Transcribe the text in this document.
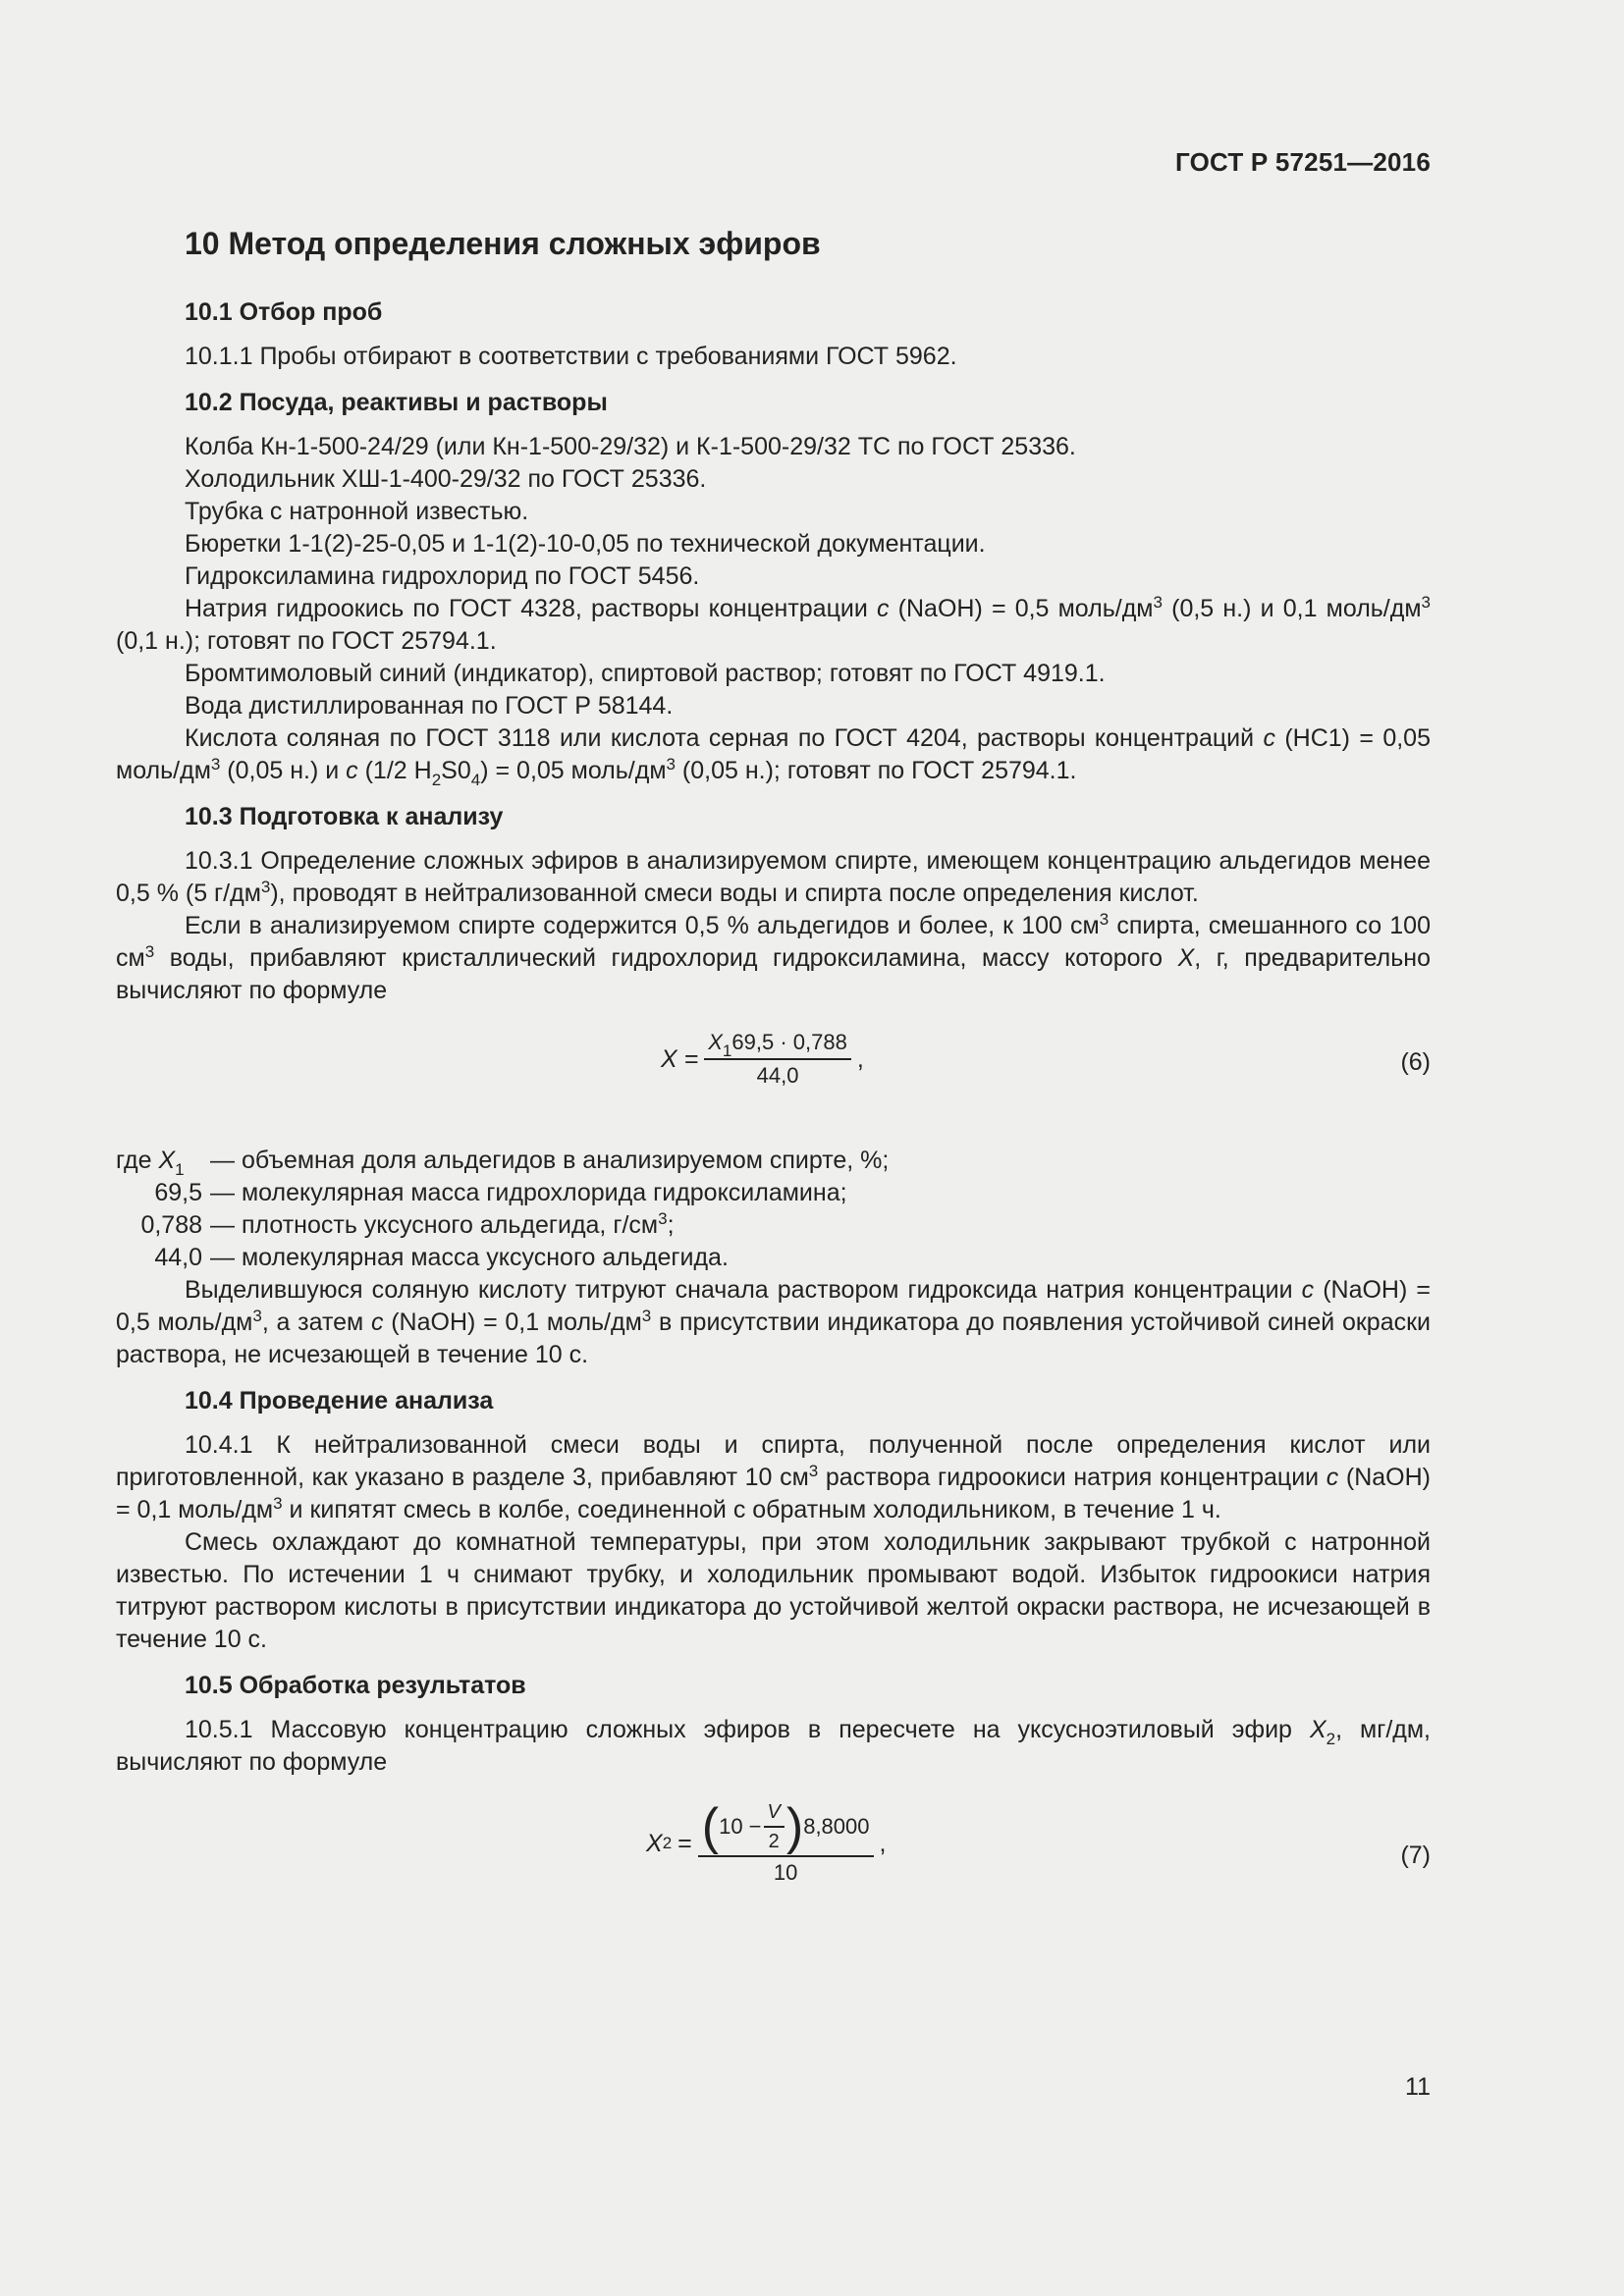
ГОСТ Р 57251—2016
10 Метод определения сложных эфиров
10.1 Отбор проб

10.1.1 Пробы отбирают в соответствии с требованиями ГОСТ 5962.

10.2 Посуда, реактивы и растворы

Колба Кн-1-500-24/29 (или Кн-1-500-29/32) и К-1-500-29/32 ТС по ГОСТ 25336.

Холодильник ХШ-1-400-29/32 по ГОСТ 25336.

Трубка с натронной известью.

Бюретки 1-1(2)-25-0,05 и 1-1(2)-10-0,05 по технической документации.

Гидроксиламина гидрохлорид по ГОСТ 5456.

Натрия гидроокись по ГОСТ 4328, растворы концентрации c (NaOH) = 0,5 моль/$дм^3$ (0,5 н.) и 0,1 моль/$дм^3$ (0,1 н.); готовят по ГОСТ 25794.1.

Бромтимоловый синий (индикатор), спиртовой раствор; готовят по ГОСТ 4919.1.

Вода дистиллированная по ГОСТ Р 58144.

Кислота соляная по ГОСТ 3118 или кислота серная по ГОСТ 4204, растворы концентраций c (НС1) = 0,05 моль/$дм^3$ (0,05 н.) и c (1/2 $H_2S0_4) = 0,05$ моль/$дм^3$ (0,05 н.); готовят по ГОСТ 25794.1.

10.3 Подготовка к анализу

10.3.1 Определение сложных эфиров в анализируемом спирте, имеющем концентрацию альдегидов менее 0,5 % (5 $г/дм^3$), проводят в нейтрализованной смеси воды и спирта после определения кислот.

Если в анализируемом спирте содержится 0,5 % альдегидов и более, к 100 $см^3$ спирта, смешанного со 100 $см^3$ воды, прибавляют кристаллический гидрохлорид гидроксиламина, массу которого X, г, предварительно вычисляют по формуле

$X = \frac{X_169,5 \cdot 0,788}{44,0}$ ,	(6)
где $X_1$	— объемная доля альдегидов в анализируемом спирте, %;
69,5	— молекулярная масса гидрохлорида гидроксиламина;
0,788	— плотность уксусного альдегида, $г/см^3$;
44,0	— молекулярная масса уксусного альдегида.

Выделившуюся соляную кислоту титруют сначала раствором гидроксида натрия концентрации c (NaOH) = 0,5 моль/$дм^3$, а затем c (NaOH) = 0,1 моль/$дм^3$ в присутствии индикатора до появления устойчивой синей окраски раствора, не исчезающей в течение 10 с.

10.4 Проведение анализа

10.4.1 К нейтрализованной смеси воды и спирта, полученной после определения кислот или приготовленной, как указано в разделе 3, прибавляют 10 $см^3$ раствора гидроокиси натрия концентрации c (NaOH) = 0,1 моль/$дм^3$ и кипятят смесь в колбе, соединенной с обратным холодильником, в течение 1 ч.

Смесь охлаждают до комнатной температуры, при этом холодильник закрывают трубкой с натронной известью. По истечении 1 ч снимают трубку, и холодильник промывают водой. Избыток гидроокиси натрия титруют раствором кислоты в присутствии индикатора до устойчивой желтой окраски раствора, не исчезающей в течение 10 с.

10.5 Обработка результатов

10.5.1 Массовую концентрацию сложных эфиров в пересчете на уксусноэтиловый эфир $X_2$, мг/дм, вычисляют по формуле

X 2 = ( $10 - \frac{V}{2}$ ) 8,8000
10
,	(7)
11
